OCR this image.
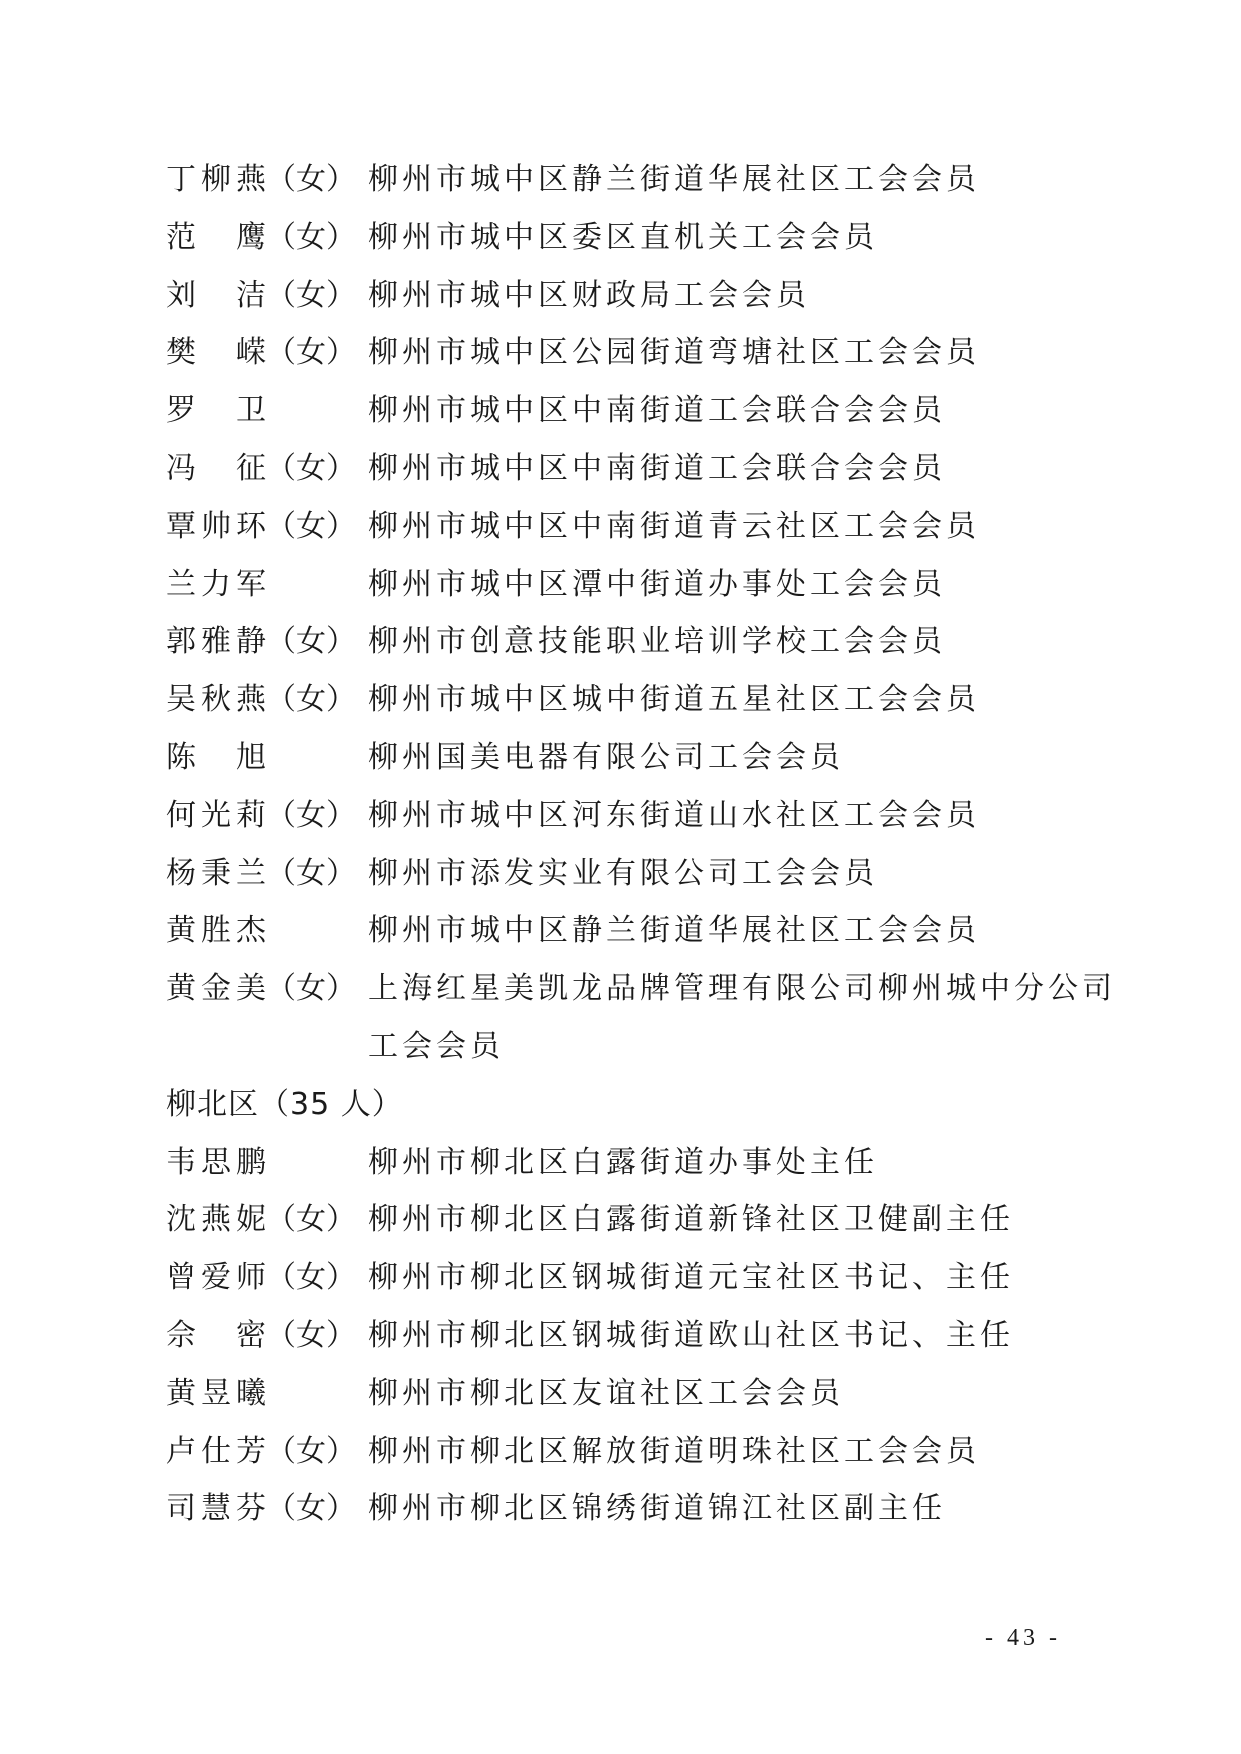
丁 柳 燕 （女） 柳州市城中区静兰街道华展社区工会会员
范 鹰 （女） 柳州市城中区委区直机关工会会员
刘 洁 （女） 柳州市城中区财政局工会会员
樊 嵘 （女） 柳州市城中区公园街道弯塘社区工会会员
罗 卫	柳州市城中区中南街道工会联合会会员
冯 征 （女） 柳州市城中区中南街道工会联合会会员
覃 帅 环 （女） 柳州市城中区中南街道青云社区工会会员
兰 力 军	柳州市城中区潭中街道办事处工会会员
郭 雅 静 （女） 柳州市创意技能职业培训学校工会会员
吴 秋 燕 （女） 柳州市城中区城中街道五星社区工会会员
陈 旭	柳州国美电器有限公司工会会员
何 光 莉 （女） 柳州市城中区河东街道山水社区工会会员
杨 秉 兰 （女） 柳州市添发实业有限公司工会会员
黄 胜 杰	柳州市城中区静兰街道华展社区工会会员
黄 金 美 （女） 上海红星美凯龙品牌管理有限公司柳州城中分公司
工会会员
柳北区（35 人）
韦 思 鹏	柳州市柳北区白露街道办事处主任
沈 燕 妮 （女） 柳州市柳北区白露街道新锋社区卫健副主任
曾 爱 师 （女） 柳州市柳北区钢城街道元宝社区书记、主任
佘 密 （女） 柳州市柳北区钢城街道欧山社区书记、主任
黄 昱 曦	柳州市柳北区友谊社区工会会员
卢 仕 芳 （女） 柳州市柳北区解放街道明珠社区工会会员
司 慧 芬 （女） 柳州市柳北区锦绣街道锦江社区副主任
- 43 -
